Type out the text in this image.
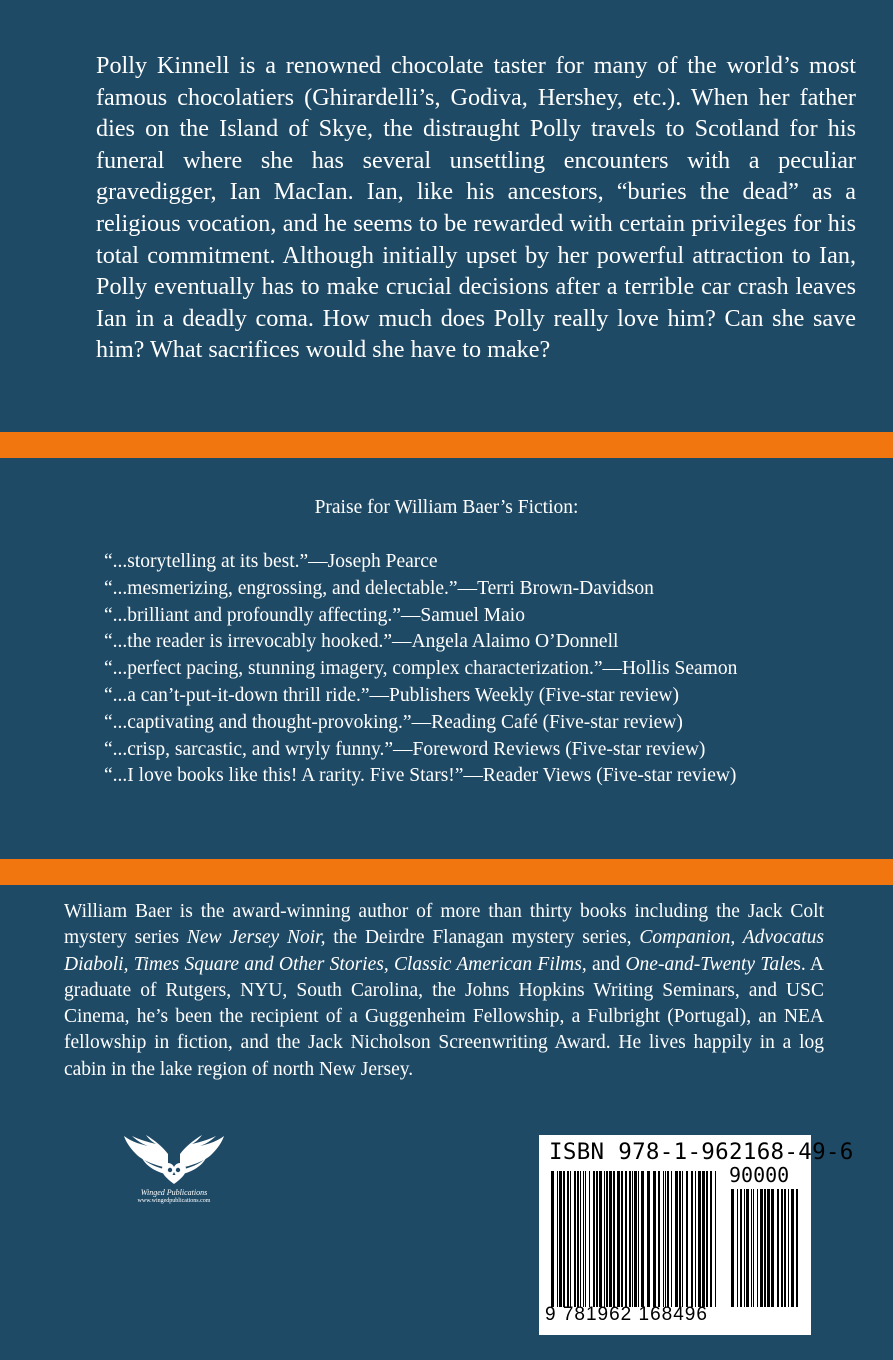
Polly Kinnell is a renowned chocolate taster for many of the world’s most famous chocolatiers (Ghirardelli’s, Godiva, Hershey, etc.). When her father dies on the Island of Skye, the distraught Polly travels to Scotland for his funeral where she has several unsettling encounters with a peculiar gravedigger, Ian MacIan. Ian, like his ancestors, “buries the dead” as a religious vocation, and he seems to be rewarded with certain privileges for his total commitment. Although initially upset by her powerful attraction to Ian, Polly eventually has to make crucial decisions after a terrible car crash leaves Ian in a deadly coma. How much does Polly really love him? Can she save him? What sacrifices would she have to make?

Praise for William Baer’s Fiction:
“...storytelling at its best.”—Joseph Pearce
“...mesmerizing, engrossing, and delectable.”—Terri Brown-Davidson
“...brilliant and profoundly affecting.”—Samuel Maio
“...the reader is irrevocably hooked.”—Angela Alaimo O’Donnell
“...perfect pacing, stunning imagery, complex characterization.”—Hollis Seamon
“...a can’t-put-it-down thrill ride.”—Publishers Weekly (Five-star review)
“...captivating and thought-provoking.”—Reading Café (Five-star review)
“...crisp, sarcastic, and wryly funny.”—Foreword Reviews (Five-star review)
“...I love books like this! A rarity. Five Stars!”—Reader Views (Five-star review)

William Baer is the award-winning author of more than thirty books including the Jack Colt mystery series New Jersey Noir, the Deirdre Flanagan mystery series, Companion, Advocatus Diaboli, Times Square and Other Stories, Classic American Films, and One-and-Twenty Tales. A graduate of Rutgers, NYU, South Carolina, the Johns Hopkins Writing Seminars, and USC Cinema, he’s been the recipient of a Guggenheim Fellowship, a Fulbright (Portugal), an NEA fellowship in fiction, and the Jack Nicholson Screenwriting Award. He lives happily in a log cabin in the lake region of north New Jersey.

Winged Publications
www.wingedpublications.com
ISBN 978-1-962168-49-6
90000
9 781962 168496
